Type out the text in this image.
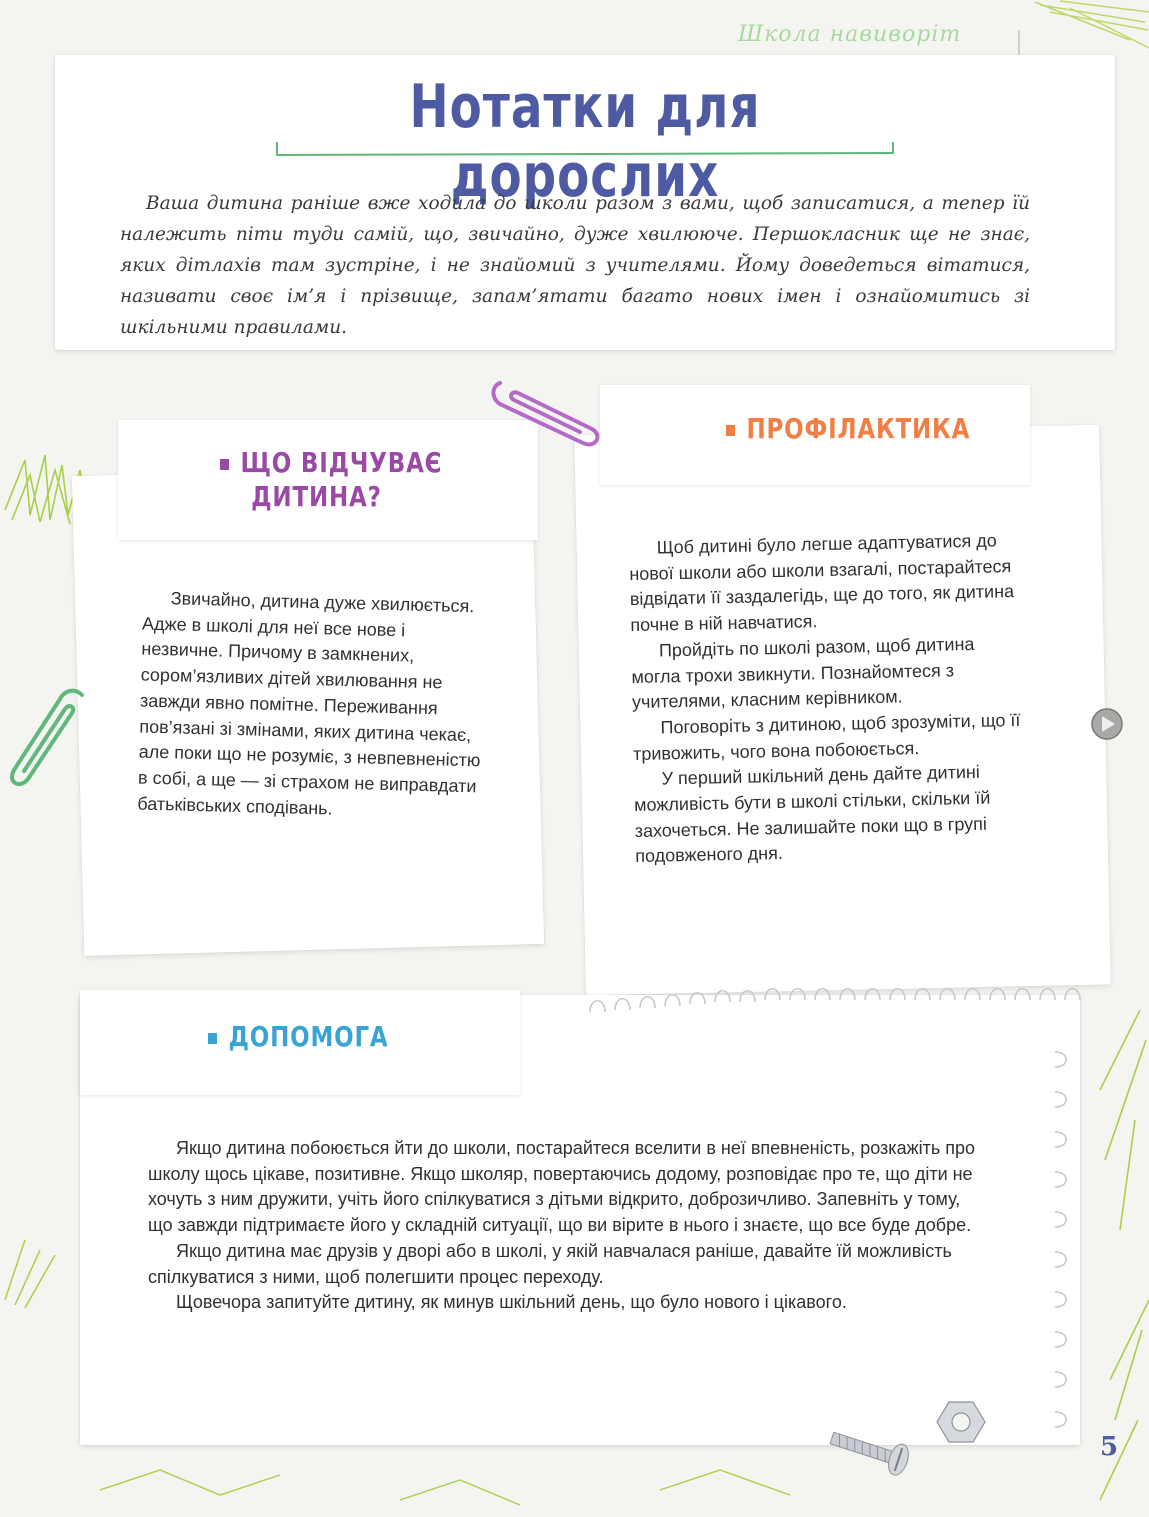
Школа навиворіт
Нотатки для дорослих
Ваша дитина раніше вже ходила до школи разом з вами, щоб записатися, а тепер їй належить піти туди самій, що, звичайно, дуже хвилююче. Першокласник ще не знає, яких дітлахів там зустріне, і не знайомий з учителями. Йому доведеться вітатися, називати своє ім’я і прізвище, запам’ятати багато нових імен і ознайомитись зі шкільними правилами.
ЩО ВІДЧУВАЄ
ДИТИНА?

Звичайно, дитина дуже хвилюється. Адже в школі для неї все нове і незвичне. Причому в замкнених, сором’язливих дітей хвилювання не завжди явно помітне. Переживання пов’язані зі змінами, яких дитина чекає, але поки що не розуміє, з невпевненістю в собі, а ще — зі страхом не виправдати батьківських сподівань.

ПРОФІЛАКТИКА

Щоб дитині було легше адаптуватися до нової школи або школи взагалі, постарайтеся відвідати її заздалегідь, ще до того, як дитина почне в ній навчатися.

Пройдіть по школі разом, щоб дитина могла трохи звикнути. Познайомтеся з учителями, класним керівником.

Поговоріть з дитиною, щоб зрозуміти, що її тривожить, чого вона побоюється.

У перший шкільний день дайте дитині можливість бути в школі стільки, скільки їй захочеться. Не залишайте поки що в групі подовженого дня.

ДОПОМОГА

Якщо дитина побоюється йти до школи, постарайтеся вселити в неї впевненість, розкажіть про школу щось цікаве, позитивне. Якщо школяр, повертаючись додому, розповідає про те, що діти не хочуть з ним дружити, учіть його спілкуватися з дітьми відкрито, доброзичливо. Запевніть у тому, що завжди підтримаєте його у складній ситуації, що ви вірите в нього і знаєте, що все буде добре.

Якщо дитина має друзів у дворі або в школі, у якій навчалася раніше, давайте їй можливість спілкуватися з ними, щоб полегшити процес переходу.

Щовечора запитуйте дитину, як минув шкільний день, що було нового і цікавого.

5
